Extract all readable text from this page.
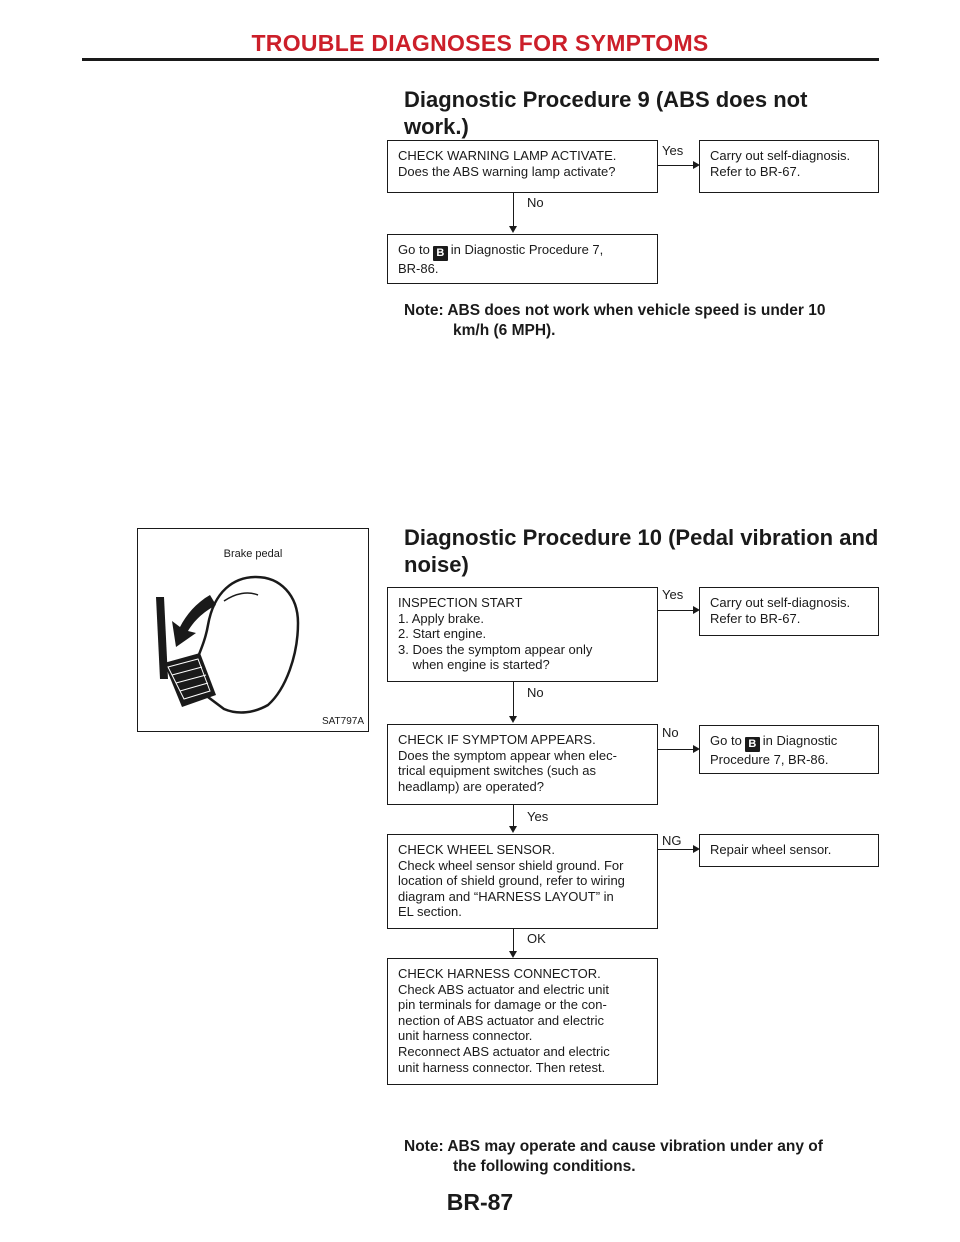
TROUBLE DIAGNOSES FOR SYMPTOMS
Diagnostic Procedure 9 (ABS does not
work.)
CHECK WARNING LAMP ACTIVATE.
Does the ABS warning lamp activate?
Yes Carry out self-diagnosis.
Refer to BR-67.
No
Go to B in Diagnostic Procedure 7,
BR-86.
Note: ABS does not work when vehicle speed is under 10
km/h (6 MPH).
Brake pedal
SAT797A
Diagnostic Procedure 10 (Pedal vibration and
noise)
INSPECTION START
1. Apply brake.
2. Start engine.
3. Does the symptom appear only
when engine is started?
Yes
Carry out self-diagnosis.
Refer to BR-67.
No
CHECK IF SYMPTOM APPEARS.
Does the symptom appear when elec-
trical equipment switches (such as
headlamp) are operated?
No
Go to B in Diagnostic
Procedure 7, BR-86.
Yes
CHECK WHEEL SENSOR.
Check wheel sensor shield ground. For
location of shield ground, refer to wiring
diagram and “HARNESS LAYOUT” in
EL section.
NG
Repair wheel sensor.
OK
CHECK HARNESS CONNECTOR.
Check ABS actuator and electric unit
pin terminals for damage or the con-
nection of ABS actuator and electric
unit harness connector.
Reconnect ABS actuator and electric
unit harness connector. Then retest.
Note: ABS may operate and cause vibration under any of
the following conditions.
BR-87
